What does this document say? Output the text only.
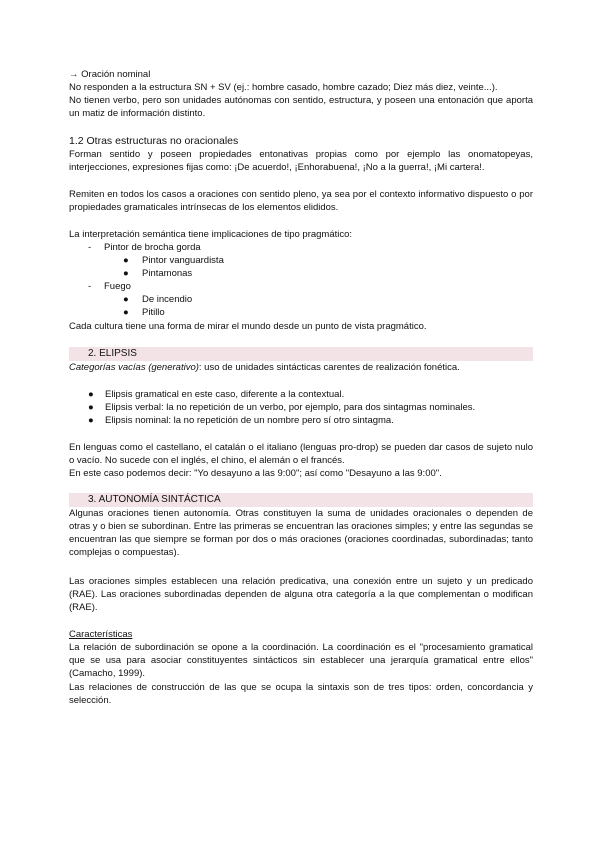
→ Oración nominal
No responden a la estructura SN + SV (ej.: hombre casado, hombre cazado; Diez más diez, veinte...).
No tienen verbo, pero son unidades autónomas con sentido, estructura, y poseen una entonación que aporta un matiz de información distinto.
1.2 Otras estructuras no oracionales
Forman sentido y poseen propiedades entonativas propias como por ejemplo las onomatopeyas, interjecciones, expresiones fijas como: ¡De acuerdo!, ¡Enhorabuena!, ¡No a la guerra!, ¡Mi cartera!.
Remiten en todos los casos a oraciones con sentido pleno, ya sea por el contexto informativo dispuesto o por propiedades gramaticales intrínsecas de los elementos elididos.
La interpretación semántica tiene implicaciones de tipo pragmático:
- Pintor de brocha gorda
● Pintor vanguardista
● Pintamonas
- Fuego
● De incendio
● Pitillo
Cada cultura tiene una forma de mirar el mundo desde un punto de vista pragmático.
2. ELIPSIS
Categorías vacías (generativo): uso de unidades sintácticas carentes de realización fonética.
● Elipsis gramatical en este caso, diferente a la contextual.
● Elipsis verbal: la no repetición de un verbo, por ejemplo, para dos sintagmas nominales.
● Elipsis nominal: la no repetición de un nombre pero sí otro sintagma.
En lenguas como el castellano, el catalán o el italiano (lenguas pro-drop) se pueden dar casos de sujeto nulo o vacío. No sucede con el inglés, el chino, el alemán o el francés.
En este caso podemos decir: "Yo desayuno a las 9:00"; así como "Desayuno a las 9:00".
3. AUTONOMÍA SINTÁCTICA
Algunas oraciones tienen autonomía. Otras constituyen la suma de unidades oracionales o dependen de otras y o bien se subordinan. Entre las primeras se encuentran las oraciones simples; y entre las segundas se encuentran las que siempre se forman por dos o más oraciones (oraciones coordinadas, subordinadas; tanto complejas o compuestas).
Las oraciones simples establecen una relación predicativa, una conexión entre un sujeto y un predicado (RAE). Las oraciones subordinadas dependen de alguna otra categoría a la que complementan o modifican (RAE).
Características
La relación de subordinación se opone a la coordinación. La coordinación es el "procesamiento gramatical que se usa para asociar constituyentes sintácticos sin establecer una jerarquía gramatical entre ellos" (Camacho, 1999).
Las relaciones de construcción de las que se ocupa la sintaxis son de tres tipos: orden, concordancia y selección.
